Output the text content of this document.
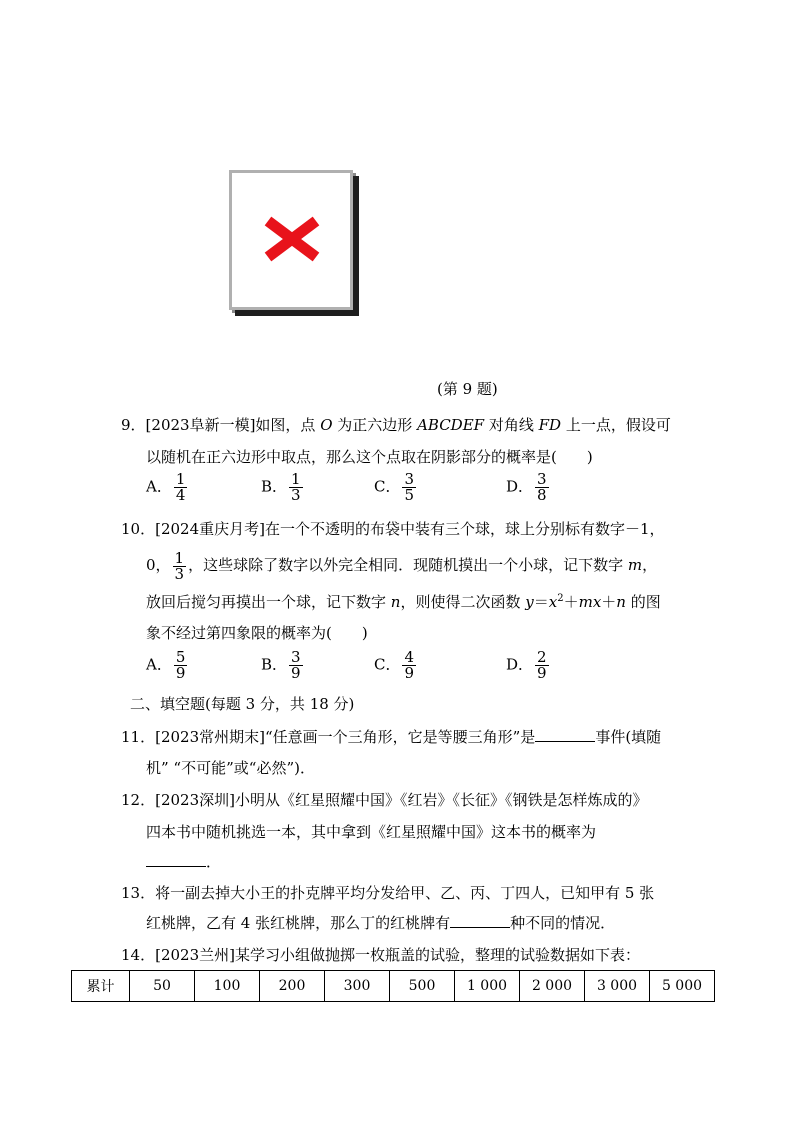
(第 9 题)
9．[2023阜新一模]如图，点 O 为正六边形 ABCDEF 对角线 FD 上一点，假设可
以随机在正六边形中取点，那么这个点取在阴影部分的概率是(　　)
A． $\frac{1}{4}$	B． $\frac{1}{3}$	C． $\frac{3}{5}$	D． $\frac{3}{8}$
10．[2024重庆月考]在一个不透明的布袋中装有三个球，球上分别标有数字－1，
0， $\frac{1}{3}$ ，这些球除了数字以外完全相同．现随机摸出一个小球，记下数字 m，
放回后搅匀再摸出一个球，记下数字 n，则使得二次函数 $y=x^2+mx+n$ 的图
象不经过第四象限的概率为(　　)
A． $\frac{5}{9}$	B． $\frac{3}{9}$	C． $\frac{4}{9}$	D． $\frac{2}{9}$
二、填空题(每题 3 分，共 18 分)
11．[2023常州期末]“任意画一个三角形，它是等腰三角形”是	事件(填随
机” “不可能”或“必然”)．
12．[2023深圳]小明从《红星照耀中国》《红岩》《长征》《钢铁是怎样炼成的》
四本书中随机挑选一本，其中拿到《红星照耀中国》这本书的概率为
．
13．将一副去掉大小王的扑克牌平均分发给甲、乙、丙、丁四人，已知甲有 5 张
红桃牌，乙有 4 张红桃牌，那么丁的红桃牌有	种不同的情况．
14．[2023兰州]某学习小组做抛掷一枚瓶盖的试验，整理的试验数据如下表：
累计	50	100	200	300	500	1 000	2 000	3 000	5 000
